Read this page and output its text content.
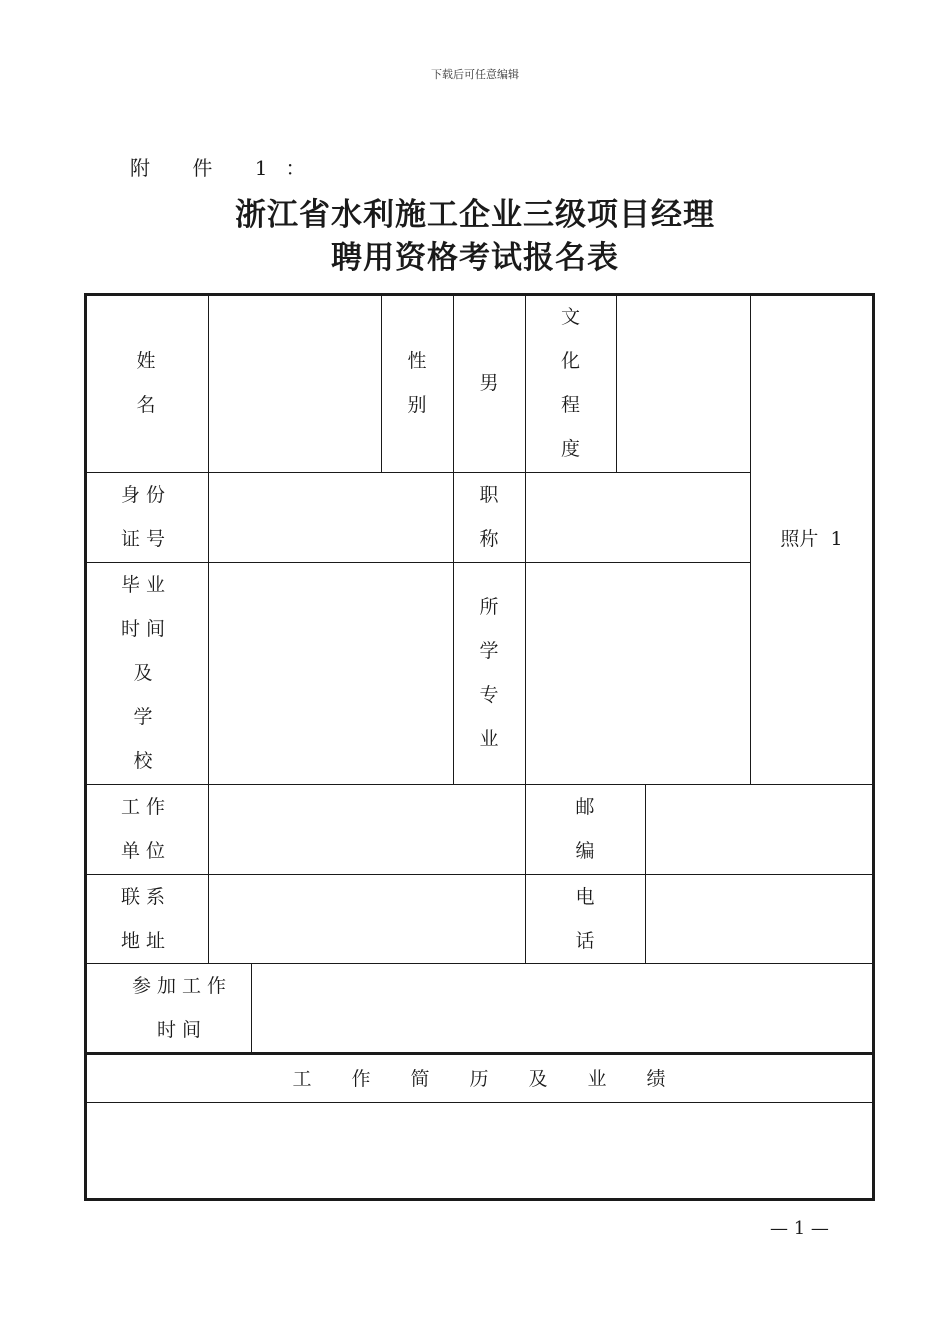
下载后可任意编辑
附 件 1：
浙江省水利施工企业三级项目经理
聘用资格考试报名表
姓
名
性
别
男
文
化
程
度
照片  1
身份
证号
职
称
毕业
时间
及
学
校
所
学
专
业
工作
单位
邮
编
联系
地址
电
话
参加工作
时间
工作简历及业绩
— 1 —
